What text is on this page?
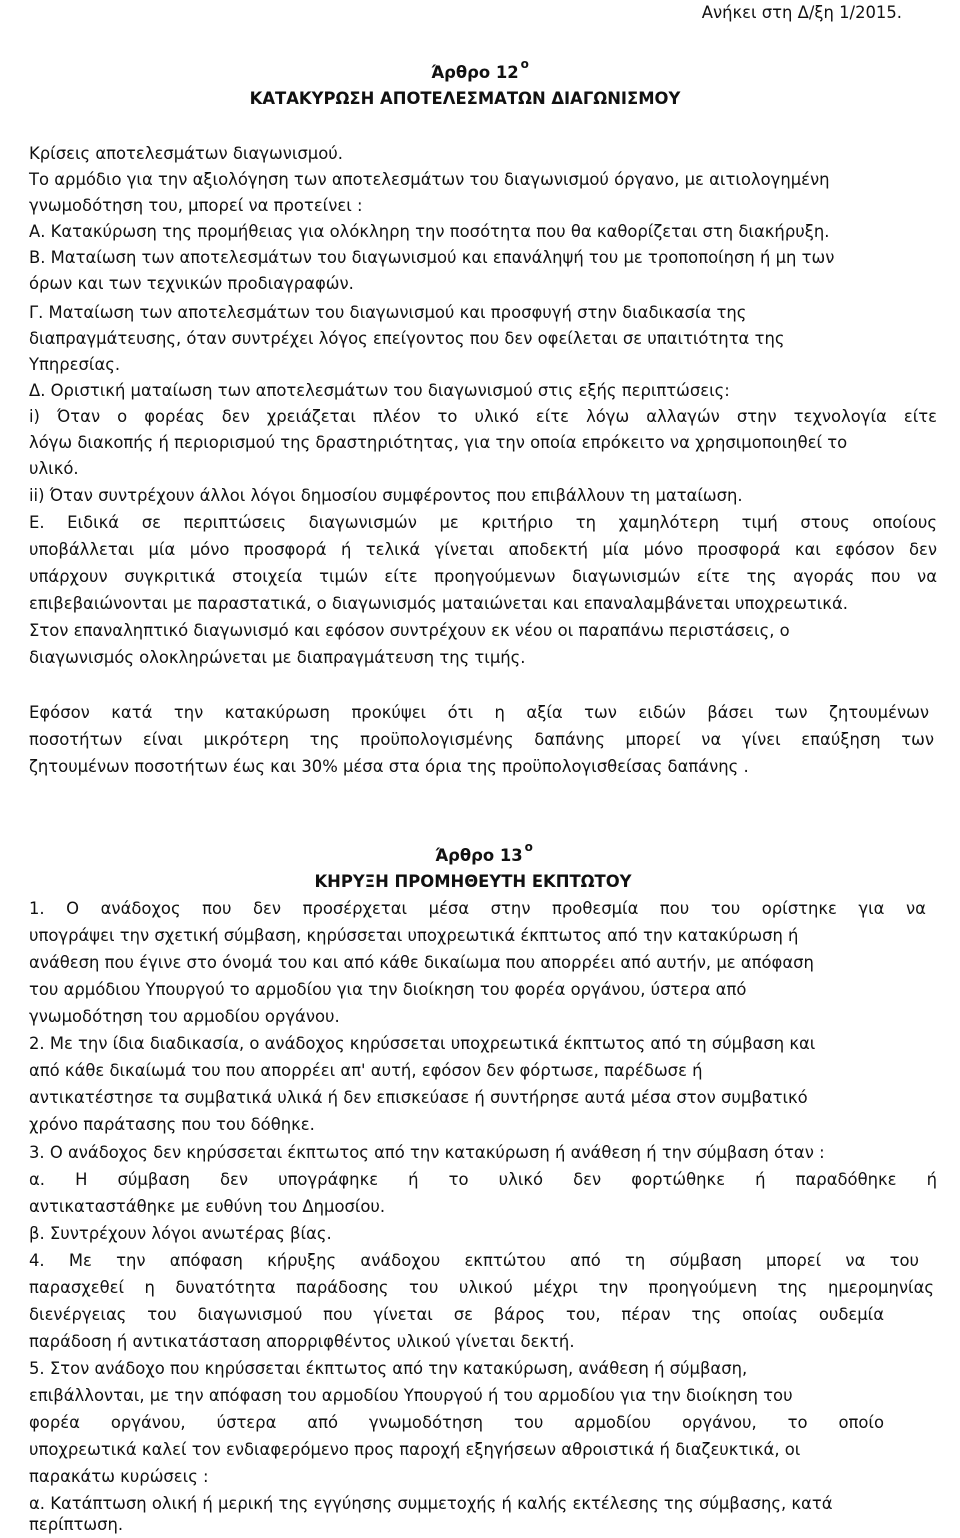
Ανήκει στη Δ/ξη 1/2015.

Άρθρο 12 $^o$

ΚΑΤΑΚΥΡΩΣΗ ΑΠΟΤΕΛΕΣΜΑΤΩΝ ΔΙΑΓΩΝΙΣΜΟΥ

Κρίσεις αποτελεσμάτων διαγωνισμού.

Το αρμόδιο για την αξιολόγηση των αποτελεσμάτων του διαγωνισμού όργανο, με αιτιολογημένη

γνωμοδότηση του, μπορεί να προτείνει :

Α. Κατακύρωση της προμήθειας για ολόκληρη την ποσότητα που θα καθορίζεται στη διακήρυξη.

Β. Ματαίωση των αποτελεσμάτων του διαγωνισμού και επανάληψή του με τροποποίηση ή μη των

όρων και των τεχνικών προδιαγραφών.

Γ. Ματαίωση των αποτελεσμάτων του διαγωνισμού και προσφυγή στην διαδικασία της

διαπραγμάτευσης, όταν συντρέχει λόγος επείγοντος που δεν οφείλεται σε υπαιτιότητα της

Υπηρεσίας.

Δ. Οριστική ματαίωση των αποτελεσμάτων του διαγωνισμού στις εξής περιπτώσεις:

i) Όταν ο φορέας δεν χρειάζεται πλέον το υλικό είτε λόγω αλλαγών στην τεχνολογία είτε

λόγω διακοπής ή περιορισμού της δραστηριότητας, για την οποία επρόκειτο να χρησιμοποιηθεί το

υλικό.

ii) Όταν συντρέχουν άλλοι λόγοι δημοσίου συμφέροντος που επιβάλλουν τη ματαίωση.

Ε. Ειδικά σε περιπτώσεις διαγωνισμών με κριτήριο τη χαμηλότερη τιμή στους οποίους

υποβάλλεται μία μόνο προσφορά ή τελικά γίνεται αποδεκτή μία μόνο προσφορά και εφόσον δεν

υπάρχουν συγκριτικά στοιχεία τιμών είτε προηγούμενων διαγωνισμών είτε της αγοράς που να

επιβεβαιώνονται με παραστατικά, ο διαγωνισμός ματαιώνεται και επαναλαμβάνεται υποχρεωτικά.

Στον επαναληπτικό διαγωνισμό και εφόσον συντρέχουν εκ νέου οι παραπάνω περιστάσεις, ο

διαγωνισμός ολοκληρώνεται με διαπραγμάτευση της τιμής.

Εφόσον κατά την κατακύρωση προκύψει ότι η αξία των ειδών βάσει των ζητουμένων

ποσοτήτων είναι μικρότερη της προϋπολογισμένης δαπάνης μπορεί να γίνει επαύξηση των

ζητουμένων ποσοτήτων έως και 30% μέσα στα όρια της προϋπολογισθείσας δαπάνης .

Άρθρο 13 $^o$

ΚΗΡΥΞΗ ΠΡΟΜΗΘΕΥΤΗ ΕΚΠΤΩΤΟΥ

1. Ο ανάδοχος που δεν προσέρχεται μέσα στην προθεσμία που του ορίστηκε για να

υπογράψει την σχετική σύμβαση, κηρύσσεται υποχρεωτικά έκπτωτος από την κατακύρωση ή

ανάθεση που έγινε στο όνομά του και από κάθε δικαίωμα που απορρέει από αυτήν, με απόφαση

του αρμόδιου Υπουργού το αρμοδίου για την διοίκηση του φορέα οργάνου, ύστερα από

γνωμοδότηση του αρμοδίου οργάνου.

2. Με την ίδια διαδικασία, ο ανάδοχος κηρύσσεται υποχρεωτικά έκπτωτος από τη σύμβαση και

από κάθε δικαίωμά του που απορρέει απ' αυτή, εφόσον δεν φόρτωσε, παρέδωσε ή

αντικατέστησε τα συμβατικά υλικά ή δεν επισκεύασε ή συντήρησε αυτά μέσα στον συμβατικό

χρόνο παράτασης που του δόθηκε.

3. Ο ανάδοχος δεν κηρύσσεται έκπτωτος από την κατακύρωση ή ανάθεση ή την σύμβαση όταν :

α. Η σύμβαση δεν υπογράφηκε ή το υλικό δεν φορτώθηκε ή παραδόθηκε ή

αντικαταστάθηκε με ευθύνη του Δημοσίου.

β. Συντρέχουν λόγοι ανωτέρας βίας.

4. Με την απόφαση κήρυξης ανάδοχου εκπτώτου από τη σύμβαση μπορεί να του

παρασχεθεί η δυνατότητα παράδοσης του υλικού μέχρι την προηγούμενη της ημερομηνίας

διενέργειας του διαγωνισμού που γίνεται σε βάρος του, πέραν της οποίας ουδεμία

παράδοση ή αντικατάσταση απορριφθέντος υλικού γίνεται δεκτή.

5. Στον ανάδοχο που κηρύσσεται έκπτωτος από την κατακύρωση, ανάθεση ή σύμβαση,

επιβάλλονται, με την απόφαση του αρμοδίου Υπουργού ή του αρμοδίου για την διοίκηση του

φορέα οργάνου, ύστερα από γνωμοδότηση του αρμοδίου οργάνου, το οποίο

υποχρεωτικά καλεί τον ενδιαφερόμενο προς παροχή εξηγήσεων αθροιστικά ή διαζευκτικά, οι

παρακάτω κυρώσεις :

α. Κατάπτωση ολική ή μερική της εγγύησης συμμετοχής ή καλής εκτέλεσης της σύμβασης, κατά

περίπτωση.
